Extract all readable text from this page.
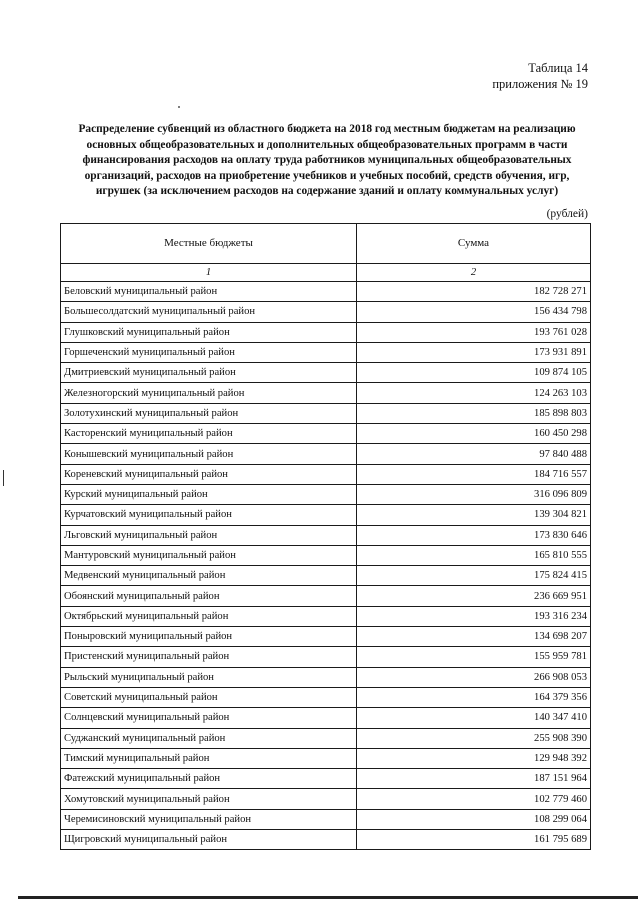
Таблица 14
приложения № 19
Распределение субвенций из областного бюджета на 2018 год местным бюджетам на реализацию основных общеобразовательных и дополнительных общеобразовательных программ в части финансирования расходов на оплату труда работников муниципальных общеобразовательных организаций, расходов на приобретение учебников и учебных пособий, средств обучения, игр, игрушек (за исключением расходов на содержание зданий и оплату коммунальных услуг)
(рублей)
Местные бюджеты	Сумма
1	2
Беловский муниципальный район	182 728 271
Большесолдатский муниципальный район	156 434 798
Глушковский муниципальный район	193 761 028
Горшеченский муниципальный район	173 931 891
Дмитриевский муниципальный район	109 874 105
Железногорский муниципальный район	124 263 103
Золотухинский муниципальный район	185 898 803
Касторенский муниципальный район	160 450 298
Конышевский муниципальный район	97 840 488
Кореневский муниципальный район	184 716 557
Курский муниципальный район	316 096 809
Курчатовский муниципальный район	139 304 821
Льговский муниципальный район	173 830 646
Мантуровский муниципальный район	165 810 555
Медвенский муниципальный район	175 824 415
Обоянский муниципальный район	236 669 951
Октябрьский муниципальный район	193 316 234
Поныровский муниципальный район	134 698 207
Пристенский муниципальный район	155 959 781
Рыльский муниципальный район	266 908 053
Советский муниципальный район	164 379 356
Солнцевский муниципальный район	140 347 410
Суджанский муниципальный район	255 908 390
Тимский муниципальный район	129 948 392
Фатежский муниципальный район	187 151 964
Хомутовский муниципальный район	102 779 460
Черемисиновский муниципальный район	108 299 064
Щигровский муниципальный район	161 795 689
